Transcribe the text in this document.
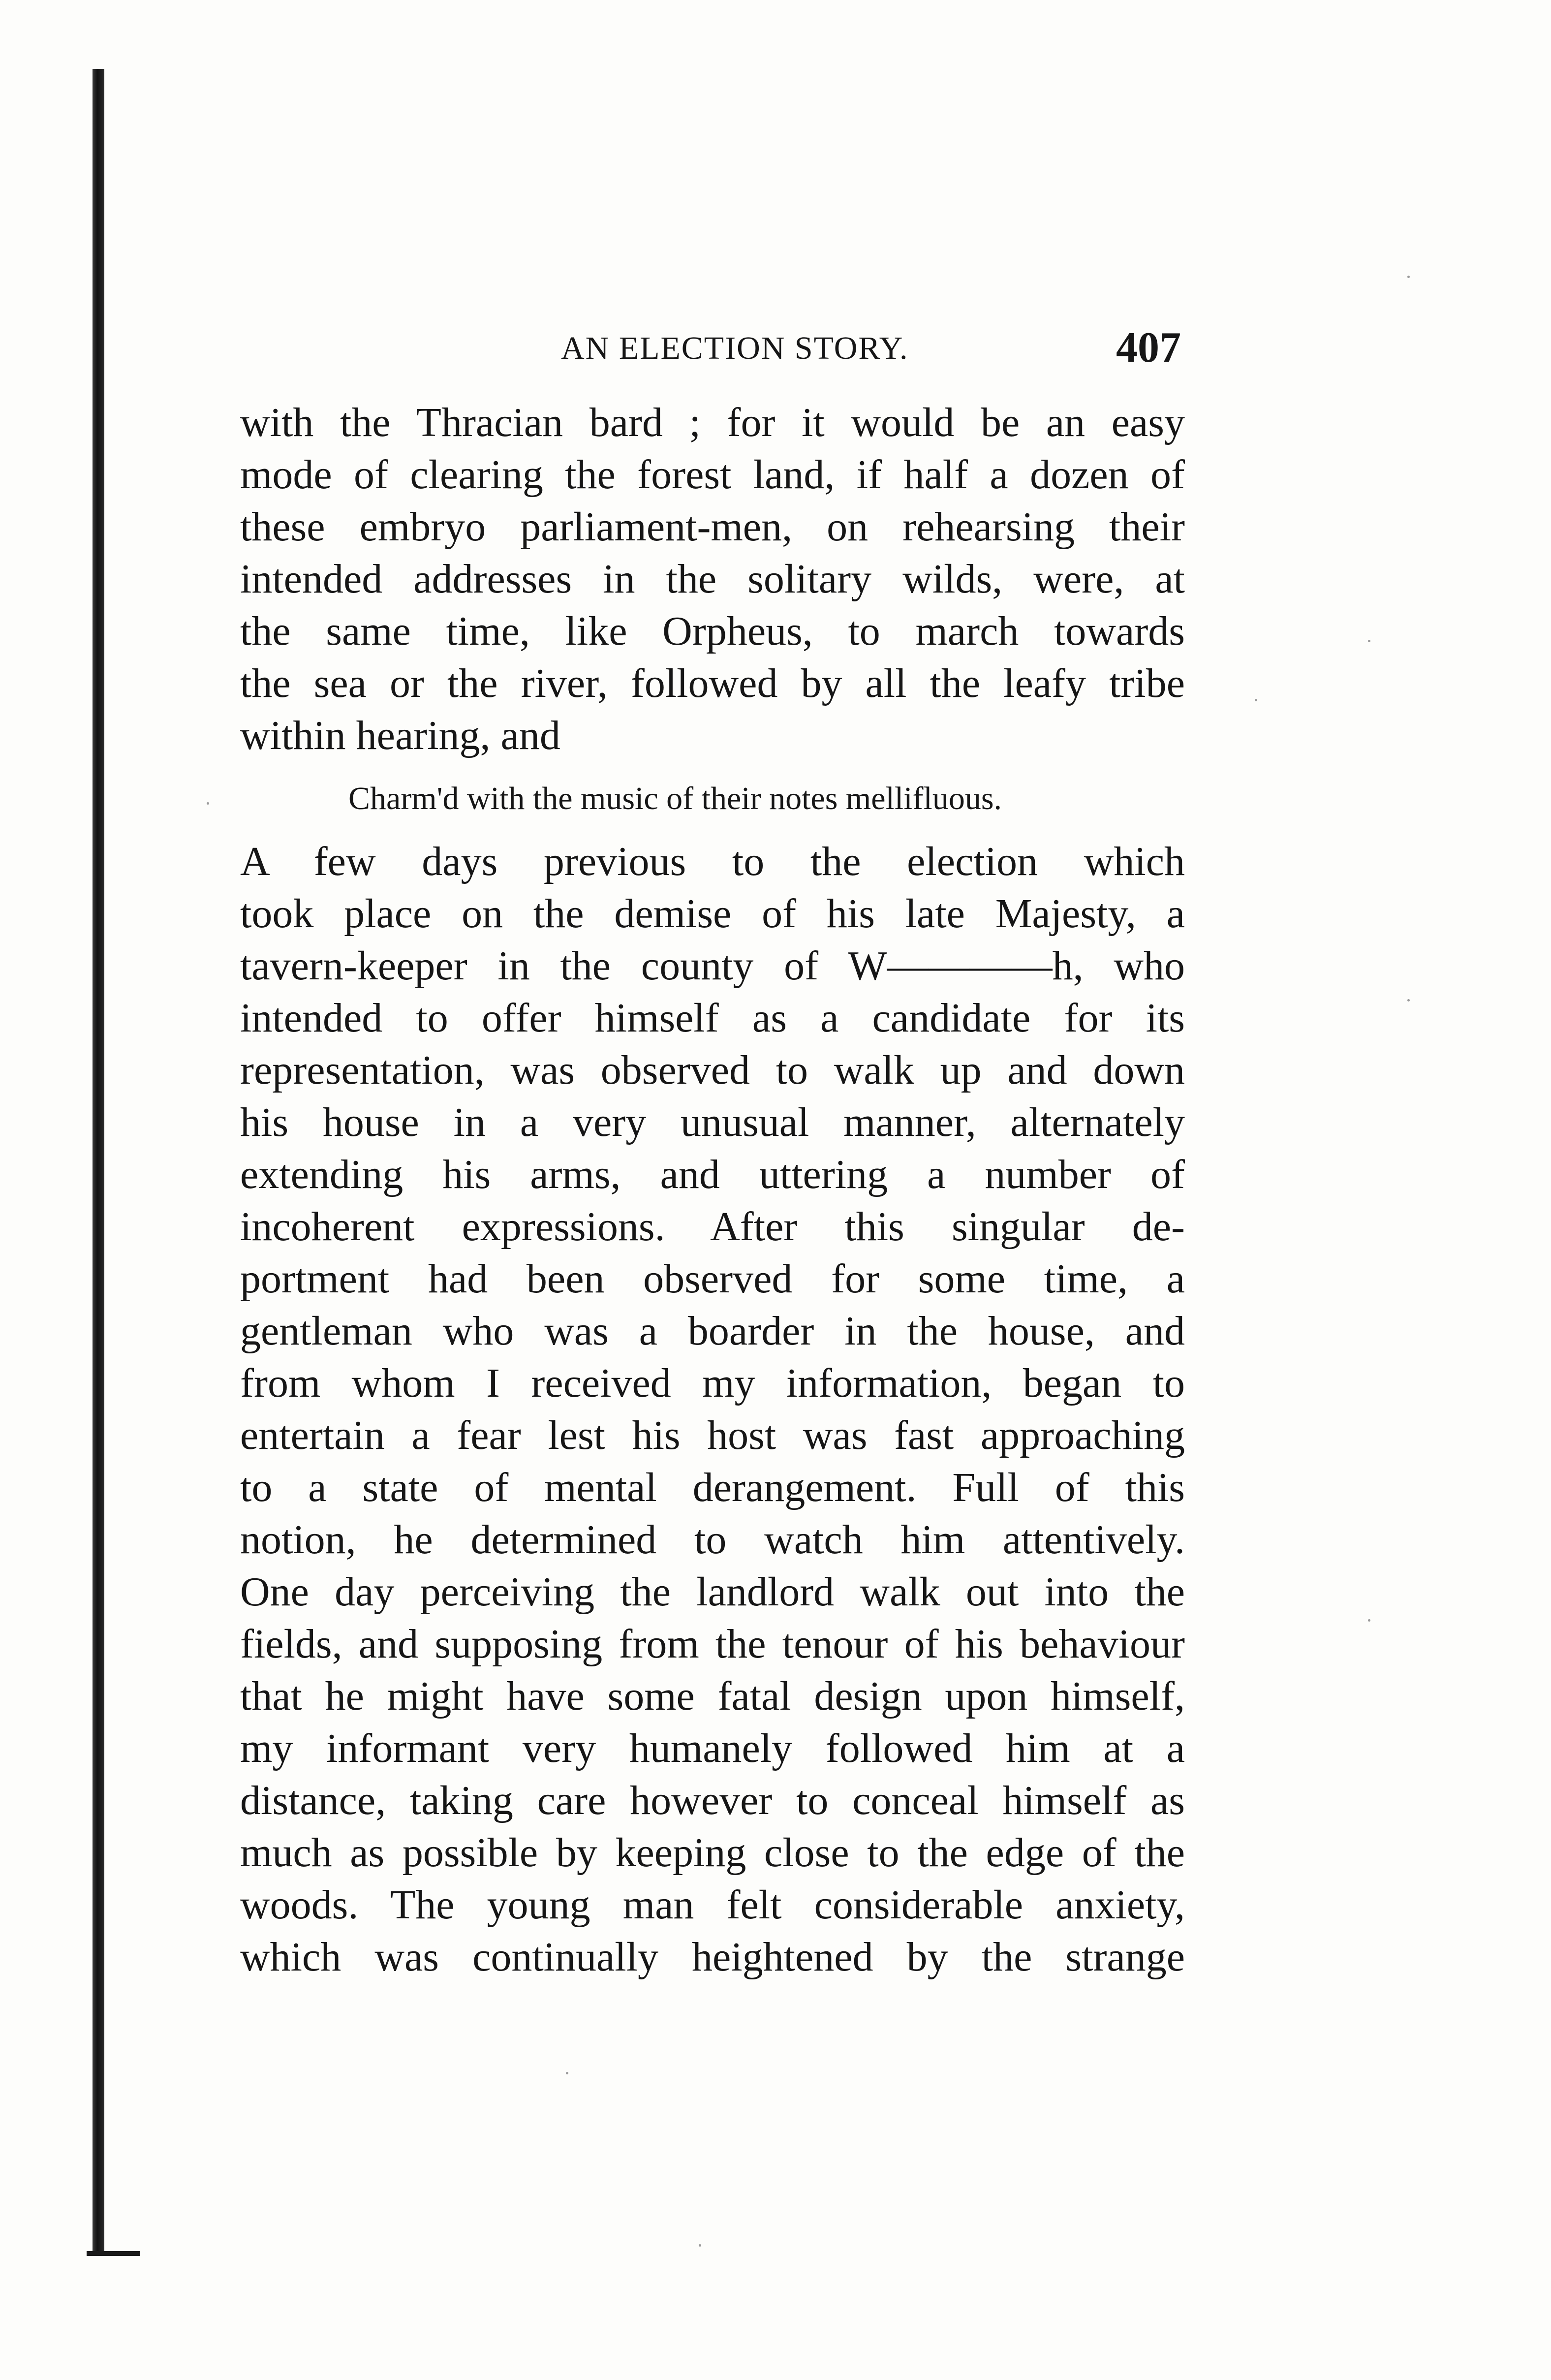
AN ELECTION STORY.	407
with the Thracian bard ; for it would be an easy
mode of clearing the forest land, if half a dozen of
these embryo parliament-men, on rehearsing their
intended addresses in the solitary wilds, were, at
the same time, like Orpheus, to march towards
the sea or the river, followed by all the leafy tribe
within hearing, and
Charm'd with the music of their notes mellifluous.
A few days previous to the election which
took place on the demise of his late Majesty, a
tavern-keeper in the county of W————h, who
intended to offer himself as a candidate for its
representation, was observed to walk up and down
his house in a very unusual manner, alternately
extending his arms, and uttering a number of
incoherent expressions. After this singular de-
portment had been observed for some time, a
gentleman who was a boarder in the house, and
from whom I received my information, began to
entertain a fear lest his host was fast approaching
to a state of mental derangement. Full of this
notion, he determined to watch him attentively.
One day perceiving the landlord walk out into the
fields, and supposing from the tenour of his behaviour
that he might have some fatal design upon himself,
my informant very humanely followed him at a
distance, taking care however to conceal himself as
much as possible by keeping close to the edge of the
woods. The young man felt considerable anxiety,
which was continually heightened by the strange
